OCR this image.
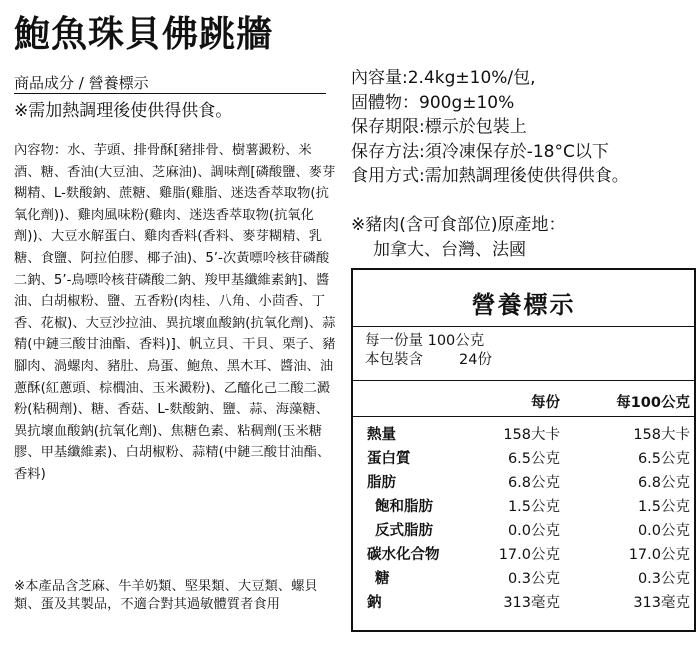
鮑魚珠貝佛跳牆
商品成分 / 營養標示
※需加熱調理後使供得供食。
內容物：水、芋頭、排骨酥[豬排骨、樹薯澱粉、米酒、糖、香油(大豆油、芝麻油)、調味劑[磷酸鹽、麥芽糊精、L-麩酸鈉、蔗糖、雞脂(雞脂、迷迭香萃取物(抗氧化劑))、雞肉風味粉(雞肉、迷迭香萃取物(抗氧化劑))、大豆水解蛋白、雞肉香料(香料、麥芽糊精、乳糖、食鹽、阿拉伯膠、椰子油)、5’-次黃嘌呤核苷磷酸二鈉、5’-鳥嘌呤核苷磷酸二鈉、羧甲基纖維素鈉]、醬油、白胡椒粉、鹽、五香粉(肉桂、八角、小茴香、丁香、花椒)、大豆沙拉油、異抗壞血酸鈉(抗氧化劑)、蒜精(中鏈三酸甘油酯、香料)]、帆立貝、干貝、栗子、豬腳肉、渦螺肉、豬肚、鳥蛋、鮑魚、黑木耳、醬油、油蔥酥(紅蔥頭、棕櫚油、玉米澱粉)、乙醯化己二酸二澱粉(粘稠劑)、糖、香菇、L-麩酸鈉、鹽、蒜、海藻糖、異抗壞血酸鈉(抗氧化劑)、焦糖色素、粘稠劑(玉米糖膠、甲基纖維素)、白胡椒粉、蒜精(中鏈三酸甘油酯、香料)
※本產品含芝麻、牛羊奶類、堅果類、大豆類、螺貝類、蛋及其製品，不適合對其過敏體質者食用
內容量:2.4kg±10%/包,
固體物：900g±10%
保存期限:標示於包裝上
保存方法:須冷凍保存於-18°C以下
食用方式:需加熱調理後使供得供食。
※豬肉(含可食部位)原產地：
加拿大、台灣、法國
營養標示
每一份量 100公克
本包裝含 24份
每份	每100公克
熱量	158大卡	158大卡
蛋白質	6.5公克	6.5公克
脂肪	6.8公克	6.8公克
飽和脂肪	1.5公克	1.5公克
反式脂肪	0.0公克	0.0公克
碳水化合物	17.0公克	17.0公克
糖	0.3公克	0.3公克
鈉	313毫克	313毫克
